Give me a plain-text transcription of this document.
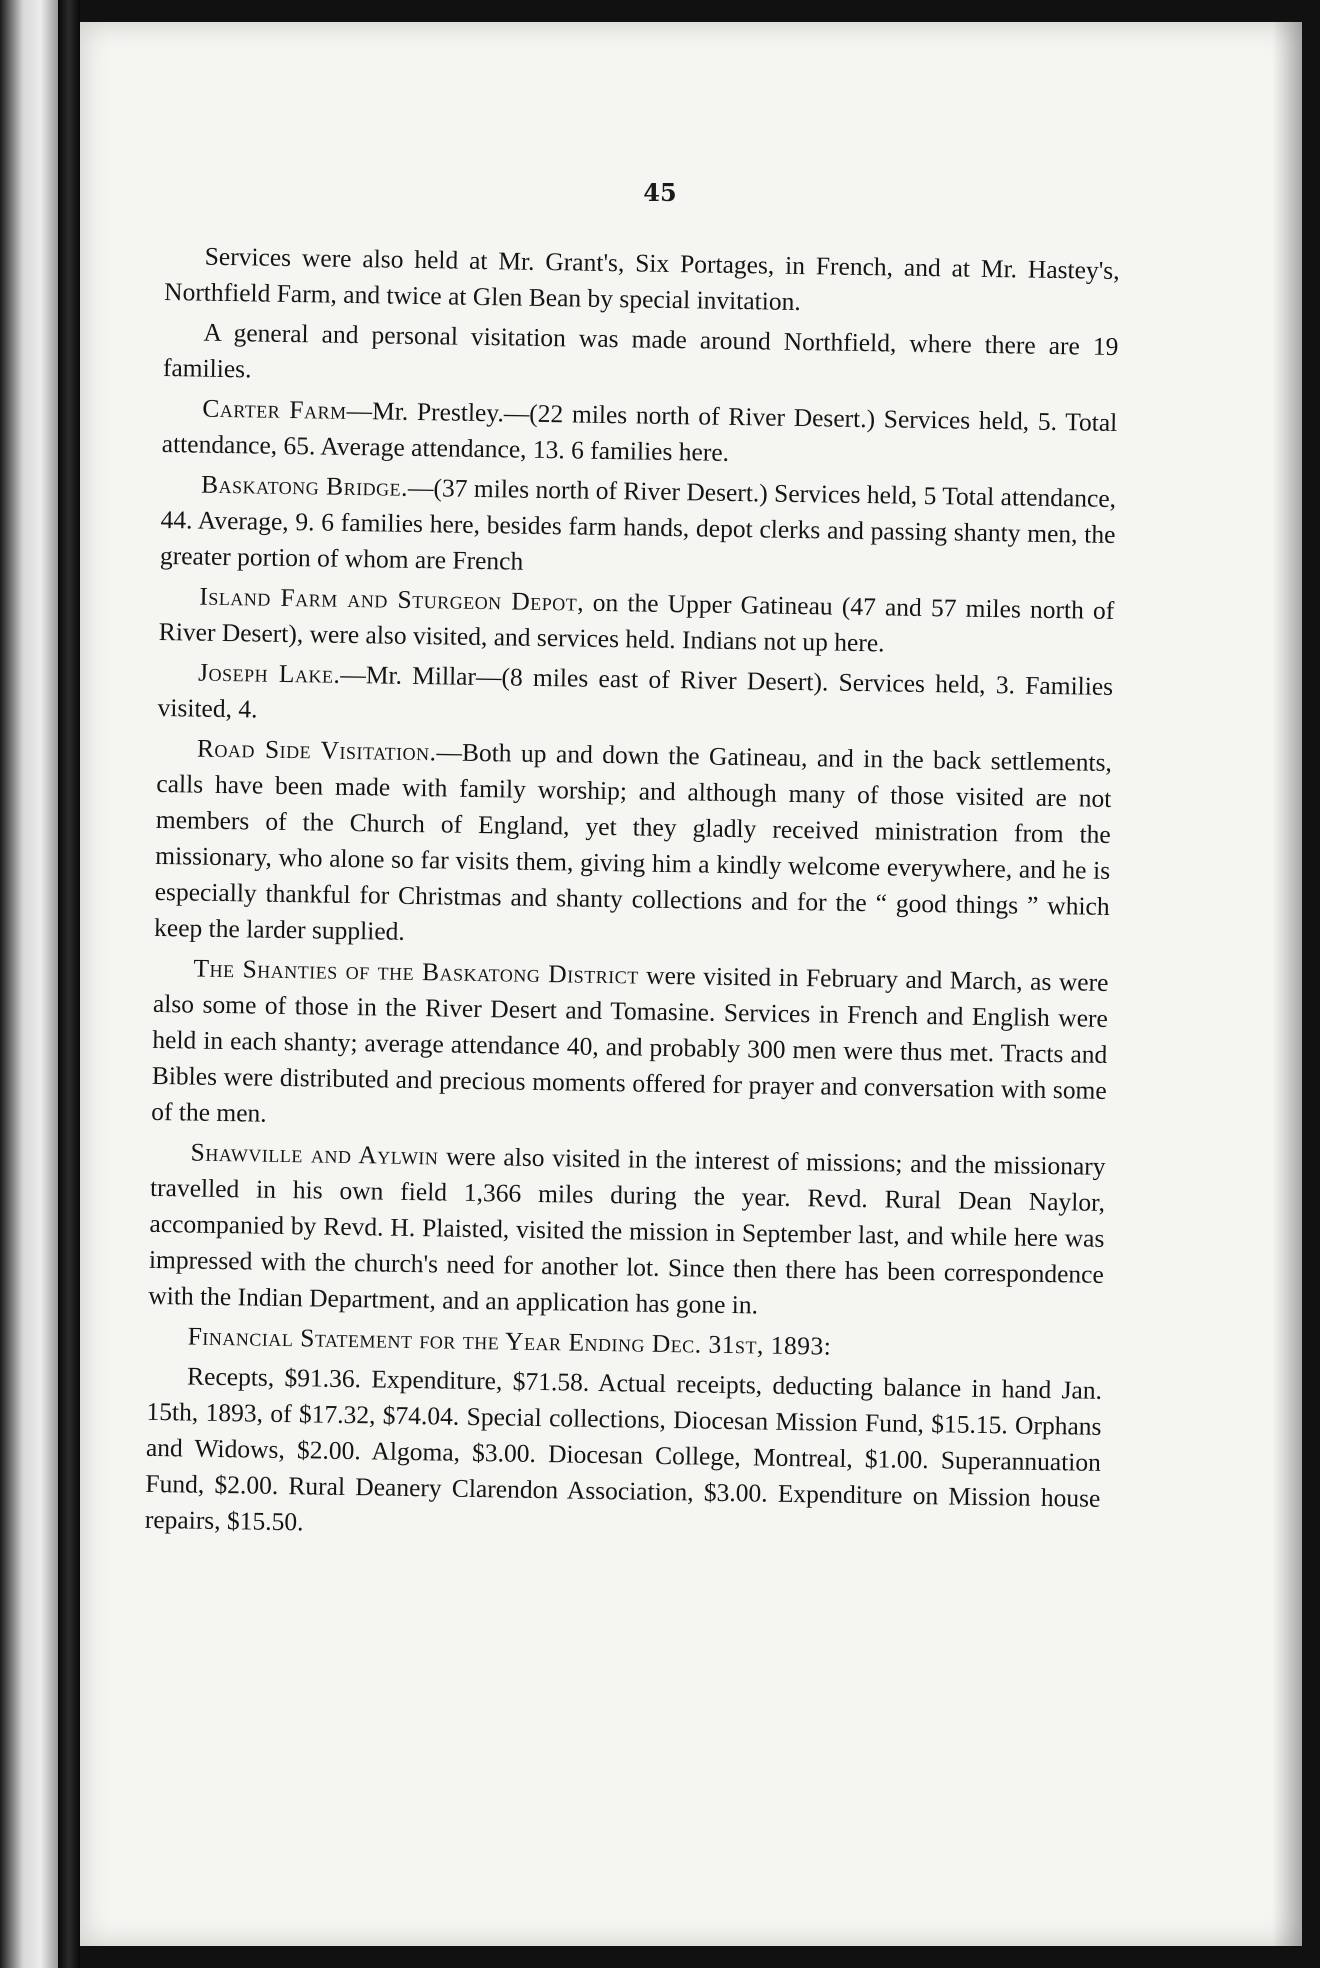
45

Services were also held at Mr. Grant's, Six Portages, in French, and at Mr. Hastey's, Northfield Farm, and twice at Glen Bean by special invitation.

A general and personal visitation was made around Northfield, where there are 19 families.

Carter Farm—Mr. Prestley.—(22 miles north of River Desert.) Services held, 5. Total attendance, 65. Average attendance, 13. 6 families here.

Baskatong Bridge.—(37 miles north of River Desert.) Services held, 5 Total attendance, 44. Average, 9. 6 families here, besides farm hands, depot clerks and passing shanty men, the greater portion of whom are French

Island Farm and Sturgeon Depot, on the Upper Gatineau (47 and 57 miles north of River Desert), were also visited, and services held. Indians not up here.

Joseph Lake.—Mr. Millar—(8 miles east of River Desert). Services held, 3. Families visited, 4.

Road Side Visitation.—Both up and down the Gatineau, and in the back settlements, calls have been made with family worship; and although many of those visited are not members of the Church of England, yet they gladly received ministration from the missionary, who alone so far visits them, giving him a kindly welcome everywhere, and he is especially thankful for Christmas and shanty collections and for the “ good things ” which keep the larder supplied.

The Shanties of the Baskatong District were visited in February and March, as were also some of those in the River Desert and Tomasine. Services in French and English were held in each shanty; average attendance 40, and probably 300 men were thus met. Tracts and Bibles were distributed and precious moments offered for prayer and conversation with some of the men.

Shawville and Aylwin were also visited in the interest of missions; and the missionary travelled in his own field 1,366 miles during the year. Revd. Rural Dean Naylor, accompanied by Revd. H. Plaisted, visited the mission in September last, and while here was impressed with the church's need for another lot. Since then there has been correspondence with the Indian Department, and an application has gone in.

Financial Statement for the Year Ending Dec. 31st, 1893:

Recepts, $91.36. Expenditure, $71.58. Actual receipts, deducting balance in hand Jan. 15th, 1893, of $17.32, $74.04. Special collections, Diocesan Mission Fund, $15.15. Orphans and Widows, $2.00. Algoma, $3.00. Diocesan College, Montreal, $1.00. Superannuation Fund, $2.00. Rural Deanery Clarendon Association, $3.00. Expenditure on Mission house repairs, $15.50.
